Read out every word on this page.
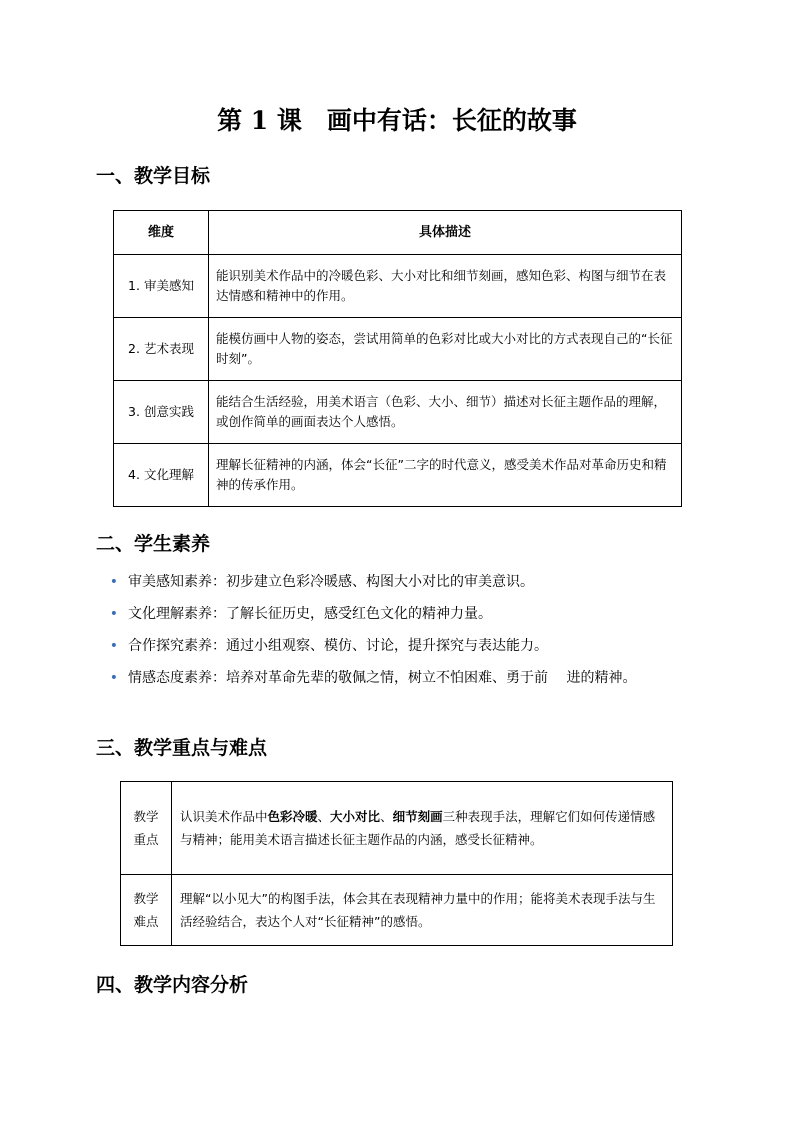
第 1 课　画中有话：长征的故事
一、教学目标
维度	具体描述
1. 审美感知	能识别美术作品中的冷暖色彩、大小对比和细节刻画，感知色彩、构图与细节在表达情感和精神中的作用。
2. 艺术表现	能模仿画中人物的姿态，尝试用简单的色彩对比或大小对比的方式表现自己的“长征时刻”。
3. 创意实践	能结合生活经验，用美术语言（色彩、大小、细节）描述对长征主题作品的理解，或创作简单的画面表达个人感悟。
4. 文化理解	理解长征精神的内涵，体会“长征”二字的时代意义，感受美术作品对革命历史和精神的传承作用。
二、学生素养
• 审美感知素养：初步建立色彩冷暖感、构图大小对比的审美意识。
• 文化理解素养：了解长征历史，感受红色文化的精神力量。
• 合作探究素养：通过小组观察、模仿、讨论，提升探究与表达能力。
• 情感态度素养：培养对革命先辈的敬佩之情，树立不怕困难、勇于前　 进的精神。
三、教学重点与难点
教学重点	认识美术作品中色彩冷暖、大小对比、细节刻画三种表现手法，理解它们如何传递情感与精神；能用美术语言描述长征主题作品的内涵，感受长征精神。
教学难点	理解“以小见大”的构图手法，体会其在表现精神力量中的作用；能将美术表现手法与生活经验结合，表达个人对“长征精神”的感悟。
四、教学内容分析
